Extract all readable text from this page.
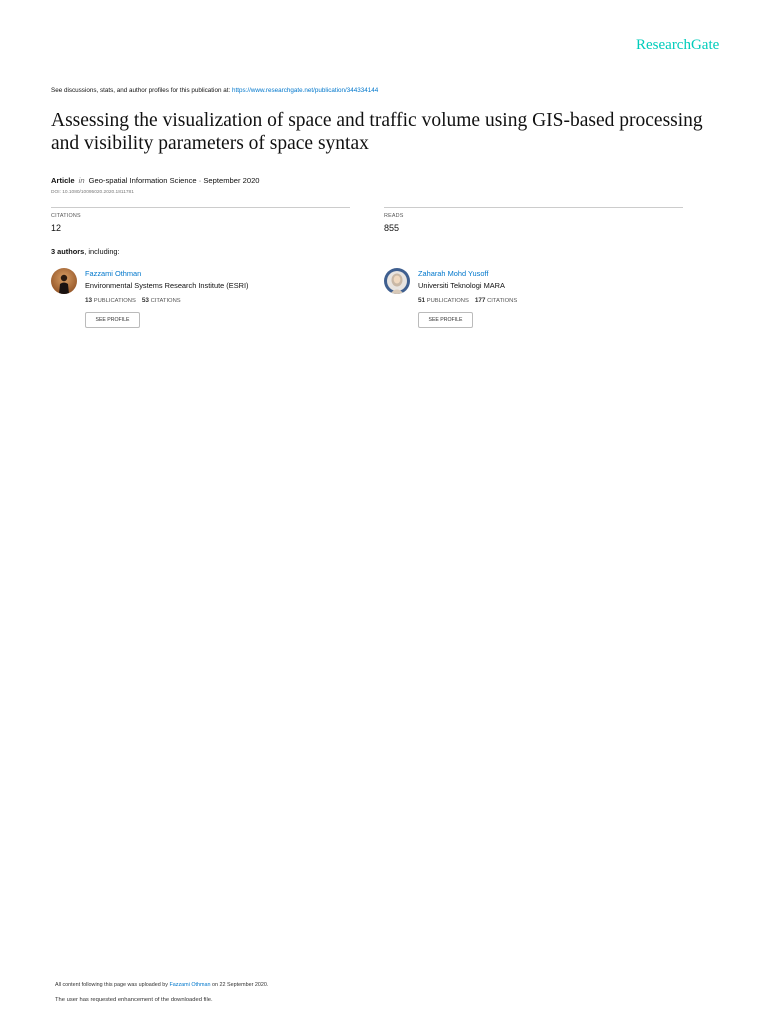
ResearchGate
See discussions, stats, and author profiles for this publication at: https://www.researchgate.net/publication/344334144
Assessing the visualization of space and traffic volume using GIS-based processing and visibility parameters of space syntax
Article in Geo-spatial Information Science · September 2020
DOI: 10.1080/10095020.2020.1811781
CITATIONS
12
READS
855
3 authors, including:
Fazzami Othman
Environmental Systems Research Institute (ESRI)
13 PUBLICATIONS 53 CITATIONS
SEE PROFILE
Zaharah Mohd Yusoff
Universiti Teknologi MARA
51 PUBLICATIONS 177 CITATIONS
SEE PROFILE
All content following this page was uploaded by Fazzami Othman on 22 September 2020.
The user has requested enhancement of the downloaded file.
